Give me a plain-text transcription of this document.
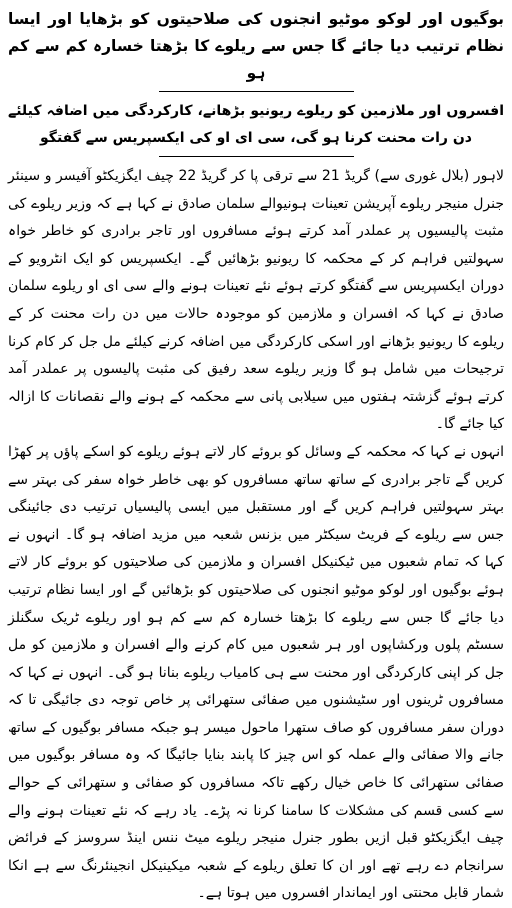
بوگیوں اور لوکو موٹیو انجنوں کی صلاحیتوں کو بڑھایا اور ایسا نظام ترتیب دیا جائے گا جس سے ریلوے کا بڑھتا خسارہ کم سے کم ہو
افسروں اور ملازمین کو ریلوے ریونیو بڑھانے، کارکردگی میں اضافہ کیلئے دن رات محنت کرنا ہو گی، سی ای او کی ایکسپریس سے گفتگو

لاہور (بلال غوری سے) گریڈ 21 سے ترقی پا کر گریڈ 22 چیف ایگزیکٹو آفیسر و سینئر جنرل منیجر ریلوے آپریشن تعینات ہونیوالے سلمان صادق نے کہا ہے کہ وزیر ریلوے کی مثبت پالیسیوں پر عملدر آمد کرتے ہوئے مسافروں اور تاجر برادری کو خاطر خواہ سہولتیں فراہم کر کے محکمہ کا ریونیو بڑھائیں گے۔ ایکسپریس کو ایک انٹرویو کے دوران ایکسپریس سے گفتگو کرتے ہوئے نئے تعینات ہونے والے سی ای او ریلوے سلمان صادق نے کہا کہ افسران و ملازمین کو موجودہ حالات میں دن رات محنت کر کے ریلوے کا ریونیو بڑھانے اور اسکی کارکردگی میں اضافہ کرنے کیلئے مل جل کر کام کرنا ترجیحات میں شامل ہو گا وزیر ریلوے سعد رفیق کی مثبت پالیسوں پر عملدر آمد کرتے ہوئے گزشتہ ہفتوں میں سیلابی پانی سے محکمہ کے ہونے والے نقصانات کا ازالہ کیا جائے گا۔

انہوں نے کہا کہ محکمہ کے وسائل کو بروئے کار لاتے ہوئے ریلوے کو اسکے پاؤں پر کھڑا کریں گے تاجر برادری کے ساتھ ساتھ مسافروں کو بھی خاطر خواہ سفر کی بہتر سے بہتر سہولتیں فراہم کریں گے اور مستقبل میں ایسی پالیسیاں ترتیب دی جائینگی جس سے ریلوے کے فریٹ سیکٹر میں بزنس شعبہ میں مزید اضافہ ہو گا۔ انہوں نے کہا کہ تمام شعبوں میں ٹیکنیکل افسران و ملازمین کی صلاحیتوں کو بروئے کار لاتے ہوئے بوگیوں اور لوکو موٹیو انجنوں کی صلاحیتوں کو بڑھائیں گے اور ایسا نظام ترتیب دیا جائے گا جس سے ریلوے کا بڑھتا خسارہ کم سے کم ہو اور ریلوے ٹریک سگنلز سسٹم پلوں ورکشاپوں اور ہر شعبوں میں کام کرنے والے افسران و ملازمین کو مل جل کر اپنی کارکردگی اور محنت سے ہی کامیاب ریلوے بنانا ہو گی۔ انہوں نے کہا کہ مسافروں ٹرینوں اور سٹیشنوں میں صفائی ستھرائی پر خاص توجہ دی جائیگی تا کہ دوران سفر مسافروں کو صاف ستھرا ماحول میسر ہو جبکہ مسافر بوگیوں کے ساتھ جانے والا صفائی والے عملہ کو اس چیز کا پابند بنایا جائیگا کہ وہ مسافر بوگیوں میں صفائی ستھرائی کا خاص خیال رکھے تاکہ مسافروں کو صفائی و ستھرائی کے حوالے سے کسی قسم کی مشکلات کا سامنا کرنا نہ پڑے۔ یاد رہے کہ نئے تعینات ہونے والے چیف ایگزیکٹو قبل ازیں بطور جنرل منیجر ریلوے میٹ ننس اینڈ سروسز کے فرائض سرانجام دے رہے تھے اور ان کا تعلق ریلوے کے شعبہ میکینیکل انجینئرنگ سے ہے انکا شمار قابل محنتی اور ایماندار افسروں میں ہوتا ہے۔
